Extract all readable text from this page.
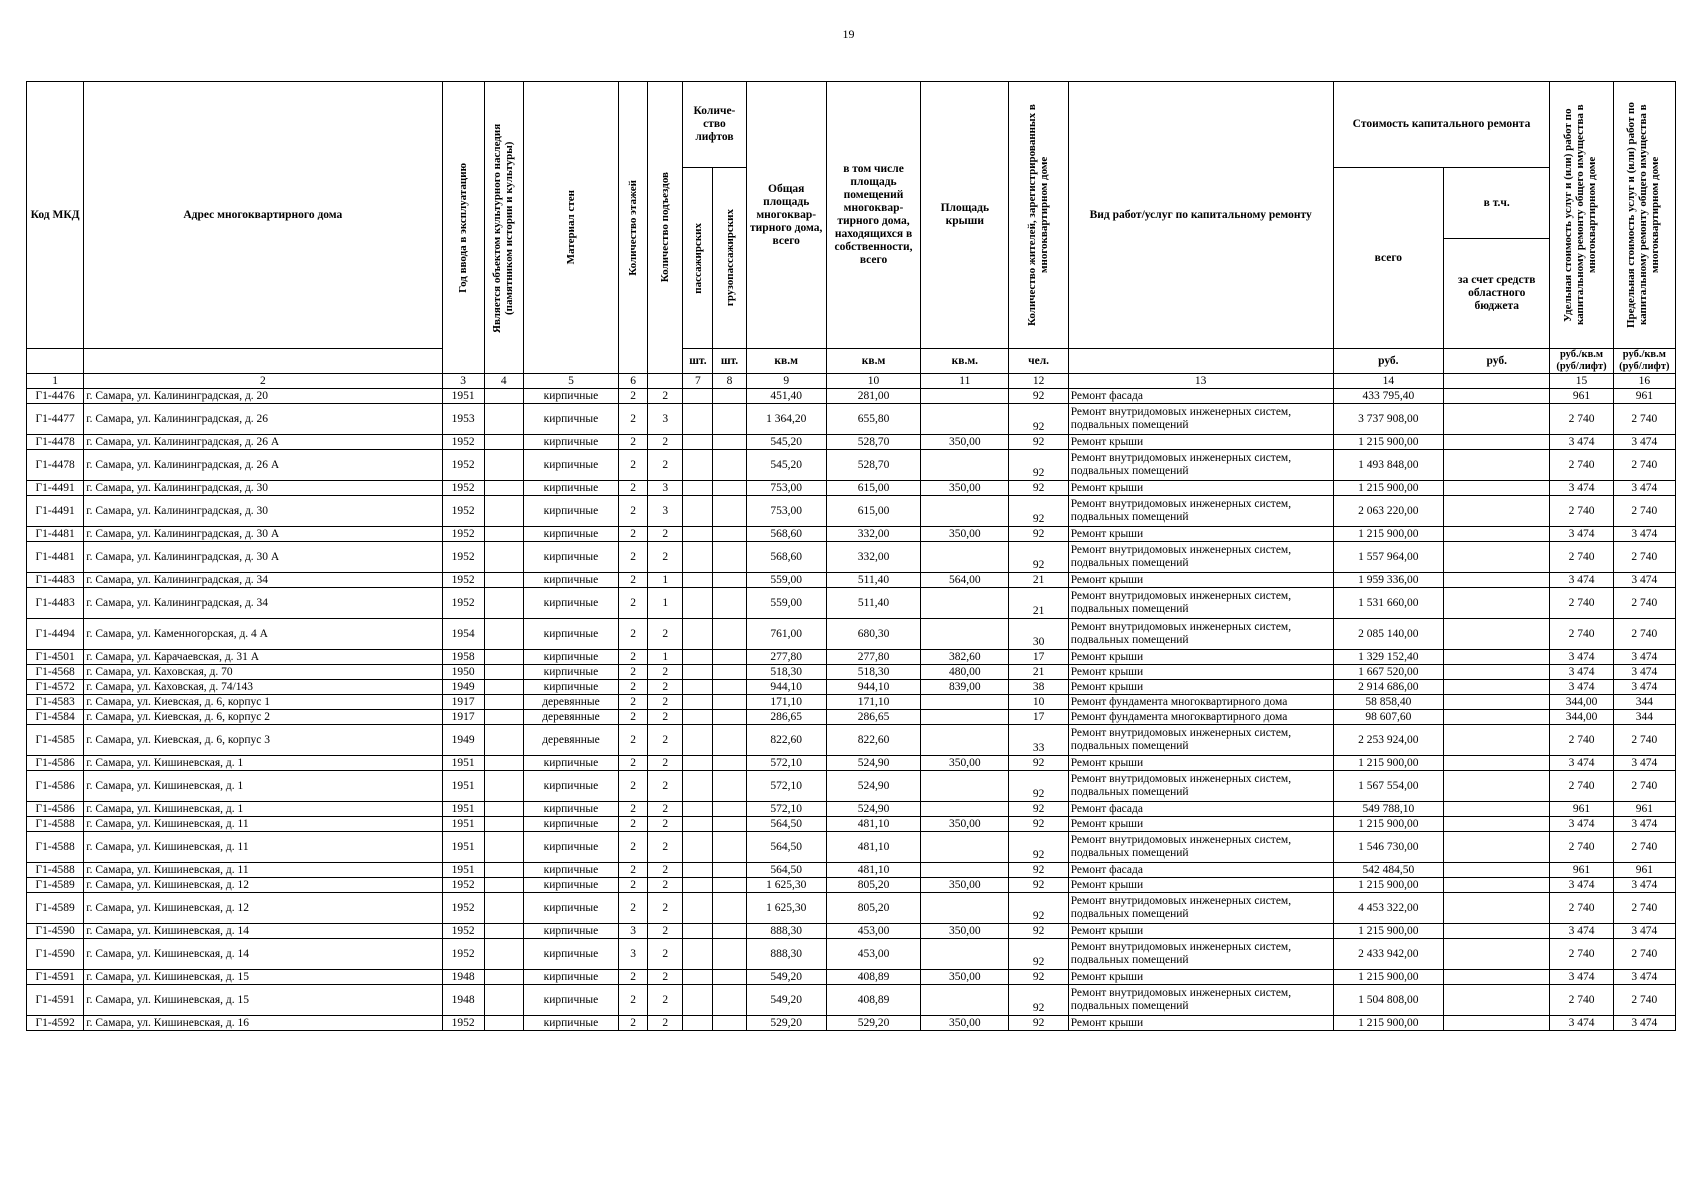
19
Код МКД	Адрес многоквартирного дома	Год ввода в эксплуатацию	Является объектом культурного наследия (памятником истории и культуры)	Материал стен	Количество этажей	Количество подъездов	Количе-ство лифтов		Общая площадь многоквар-тирного дома, всего	в том числе площадь помещений многоквар-тирного дома, находящихся в собственности, всего	Площадь крыши	Количество жителей, зарегистрированных в многоквартирном доме	Вид работ/услуг по капитальному ремонту	Стоимость капитального ремонта		Удельная стоимость услуг и (или) работ по капитальному ремонту общего имущества в многоквартирном доме	Предельная стоимость услуг и (или) работ по капитальному ремонту общего имущества в многоквартирном доме

							пассажирских	грузопассажирских						всего	в т.ч.		
															за счет средств областного бюджета		
							шт.	шт.	кв.м	кв.м	кв.м.	чел.		руб.	руб.	руб./кв.м (руб/лифт)	руб./кв.м (руб/лифт)
1	2	3	4	5	6		7	8	9	10	11	12	13	14		15	16
Г1-4476	г. Самара, ул. Калининградская, д. 20	1951		кирпичные	2	2			451,40	281,00		92	Ремонт фасада	433 795,40		961	961
Г1-4477	г. Самара, ул. Калининградская, д. 26	1953		кирпичные	2	3			1 364,20	655,80		92	Ремонт внутридомовых инженерных систем, подвальных помещений	3 737 908,00		2 740	2 740
Г1-4478	г. Самара, ул. Калининградская, д. 26 А	1952		кирпичные	2	2			545,20	528,70	350,00	92	Ремонт крыши	1 215 900,00		3 474	3 474
Г1-4478	г. Самара, ул. Калининградская, д. 26 А	1952		кирпичные	2	2			545,20	528,70		92	Ремонт внутридомовых инженерных систем, подвальных помещений	1 493 848,00		2 740	2 740
Г1-4491	г. Самара, ул. Калининградская, д. 30	1952		кирпичные	2	3			753,00	615,00	350,00	92	Ремонт крыши	1 215 900,00		3 474	3 474
Г1-4491	г. Самара, ул. Калининградская, д. 30	1952		кирпичные	2	3			753,00	615,00		92	Ремонт внутридомовых инженерных систем, подвальных помещений	2 063 220,00		2 740	2 740
Г1-4481	г. Самара, ул. Калининградская, д. 30 А	1952		кирпичные	2	2			568,60	332,00	350,00	92	Ремонт крыши	1 215 900,00		3 474	3 474
Г1-4481	г. Самара, ул. Калининградская, д. 30 А	1952		кирпичные	2	2			568,60	332,00		92	Ремонт внутридомовых инженерных систем, подвальных помещений	1 557 964,00		2 740	2 740
Г1-4483	г. Самара, ул. Калининградская, д. 34	1952		кирпичные	2	1			559,00	511,40	564,00	21	Ремонт крыши	1 959 336,00		3 474	3 474
Г1-4483	г. Самара, ул. Калининградская, д. 34	1952		кирпичные	2	1			559,00	511,40		21	Ремонт внутридомовых инженерных систем, подвальных помещений	1 531 660,00		2 740	2 740
Г1-4494	г. Самара, ул. Каменногорская, д. 4 А	1954		кирпичные	2	2			761,00	680,30		30	Ремонт внутридомовых инженерных систем, подвальных помещений	2 085 140,00		2 740	2 740
Г1-4501	г. Самара, ул. Карачаевская, д. 31 А	1958		кирпичные	2	1			277,80	277,80	382,60	17	Ремонт крыши	1 329 152,40		3 474	3 474
Г1-4568	г. Самара, ул. Каховская, д. 70	1950		кирпичные	2	2			518,30	518,30	480,00	21	Ремонт крыши	1 667 520,00		3 474	3 474
Г1-4572	г. Самара, ул. Каховская, д. 74/143	1949		кирпичные	2	2			944,10	944,10	839,00	38	Ремонт крыши	2 914 686,00		3 474	3 474
Г1-4583	г. Самара, ул. Киевская, д. 6, корпус 1	1917		деревянные	2	2			171,10	171,10		10	Ремонт фундамента многоквартирного дома	58 858,40		344,00	344
Г1-4584	г. Самара, ул. Киевская, д. 6, корпус 2	1917		деревянные	2	2			286,65	286,65		17	Ремонт фундамента многоквартирного дома	98 607,60		344,00	344
Г1-4585	г. Самара, ул. Киевская, д. 6, корпус 3	1949		деревянные	2	2			822,60	822,60		33	Ремонт внутридомовых инженерных систем, подвальных помещений	2 253 924,00		2 740	2 740
Г1-4586	г. Самара, ул. Кишиневская, д. 1	1951		кирпичные	2	2			572,10	524,90	350,00	92	Ремонт крыши	1 215 900,00		3 474	3 474
Г1-4586	г. Самара, ул. Кишиневская, д. 1	1951		кирпичные	2	2			572,10	524,90		92	Ремонт внутридомовых инженерных систем, подвальных помещений	1 567 554,00		2 740	2 740
Г1-4586	г. Самара, ул. Кишиневская, д. 1	1951		кирпичные	2	2			572,10	524,90		92	Ремонт фасада	549 788,10		961	961
Г1-4588	г. Самара, ул. Кишиневская, д. 11	1951		кирпичные	2	2			564,50	481,10	350,00	92	Ремонт крыши	1 215 900,00		3 474	3 474
Г1-4588	г. Самара, ул. Кишиневская, д. 11	1951		кирпичные	2	2			564,50	481,10		92	Ремонт внутридомовых инженерных систем, подвальных помещений	1 546 730,00		2 740	2 740
Г1-4588	г. Самара, ул. Кишиневская, д. 11	1951		кирпичные	2	2			564,50	481,10		92	Ремонт фасада	542 484,50		961	961
Г1-4589	г. Самара, ул. Кишиневская, д. 12	1952		кирпичные	2	2			1 625,30	805,20	350,00	92	Ремонт крыши	1 215 900,00		3 474	3 474
Г1-4589	г. Самара, ул. Кишиневская, д. 12	1952		кирпичные	2	2			1 625,30	805,20		92	Ремонт внутридомовых инженерных систем, подвальных помещений	4 453 322,00		2 740	2 740
Г1-4590	г. Самара, ул. Кишиневская, д. 14	1952		кирпичные	3	2			888,30	453,00	350,00	92	Ремонт крыши	1 215 900,00		3 474	3 474
Г1-4590	г. Самара, ул. Кишиневская, д. 14	1952		кирпичные	3	2			888,30	453,00		92	Ремонт внутридомовых инженерных систем, подвальных помещений	2 433 942,00		2 740	2 740
Г1-4591	г. Самара, ул. Кишиневская, д. 15	1948		кирпичные	2	2			549,20	408,89	350,00	92	Ремонт крыши	1 215 900,00		3 474	3 474
Г1-4591	г. Самара, ул. Кишиневская, д. 15	1948		кирпичные	2	2			549,20	408,89		92	Ремонт внутридомовых инженерных систем, подвальных помещений	1 504 808,00		2 740	2 740
Г1-4592	г. Самара, ул. Кишиневская, д. 16	1952		кирпичные	2	2			529,20	529,20	350,00	92	Ремонт крыши	1 215 900,00		3 474	3 474
